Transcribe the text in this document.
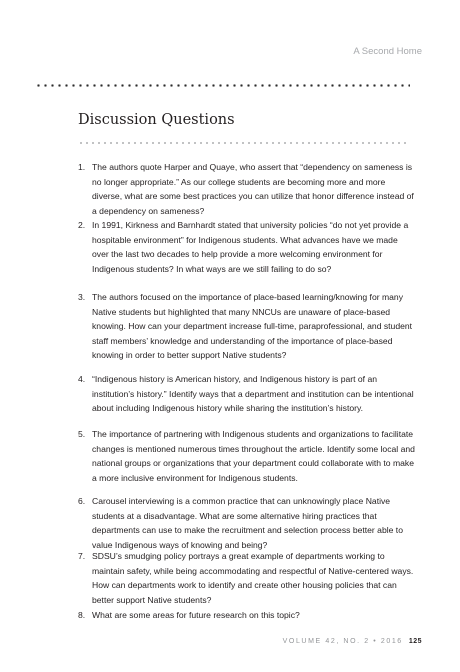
A Second Home
Discussion Questions
1. The authors quote Harper and Quaye, who assert that “dependency on sameness is no longer appropriate.” As our college students are becoming more and more diverse, what are some best practices you can utilize that honor difference instead of a dependency on sameness?
2. In 1991, Kirkness and Barnhardt stated that university policies “do not yet provide a hospitable environment” for Indigenous students. What advances have we made over the last two decades to help provide a more welcoming environment for Indigenous students? In what ways are we still failing to do so?
3. The authors focused on the importance of place-based learning/knowing for many Native students but highlighted that many NNCUs are unaware of place-based knowing. How can your department increase full-time, paraprofessional, and student staff members’ knowledge and understanding of the importance of place-based knowing in order to better support Native students?
4. “Indigenous history is American history, and Indigenous history is part of an institution’s history.” Identify ways that a department and institution can be intentional about including Indigenous history while sharing the institution’s history.
5. The importance of partnering with Indigenous students and organizations to facilitate changes is mentioned numerous times throughout the article. Identify some local and national groups or organizations that your department could collaborate with to make a more inclusive environment for Indigenous students.
6. Carousel interviewing is a common practice that can unknowingly place Native students at a disadvantage. What are some alternative hiring practices that departments can use to make the recruitment and selection process better able to value Indigenous ways of knowing and being?
7. SDSU’s smudging policy portrays a great example of departments working to maintain safety, while being accommodating and respectful of Native-centered ways. How can departments work to identify and create other housing policies that can better support Native students?
8. What are some areas for future research on this topic?
VOLUME 42, NO. 2 • 2016 125
